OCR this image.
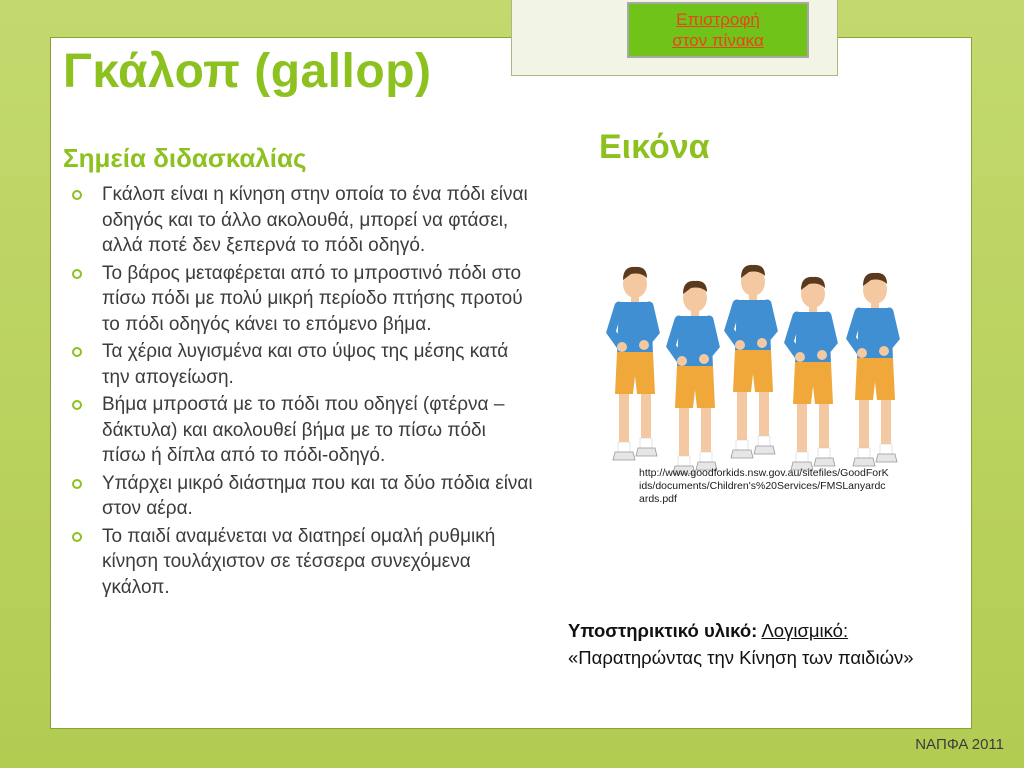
Επιστροφή
στον πίνακα
Γκάλοπ (gallop)
Σημεία διδασκαλίας	Εικόνα
Γκάλοπ είναι η κίνηση στην οποία το ένα πόδι είναι οδηγός και το άλλο ακολουθά, μπορεί να φτάσει, αλλά ποτέ δεν ξεπερνά το πόδι οδηγό.
Το βάρος μεταφέρεται από το μπροστινό πόδι στο πίσω πόδι με πολύ μικρή περίοδο πτήσης προτού το πόδι οδηγός κάνει το επόμενο βήμα.
Τα χέρια λυγισμένα και στο ύψος της μέσης κατά την απογείωση.
Βήμα μπροστά με το πόδι που οδηγεί (φτέρνα – δάκτυλα) και ακολουθεί βήμα με το πίσω πόδι πίσω ή δίπλα από το πόδι-οδηγό.
Υπάρχει μικρό διάστημα που και τα δύο πόδια είναι στον αέρα.
Το παιδί αναμένεται να διατηρεί ομαλή ρυθμική κίνηση τουλάχιστον σε τέσσερα συνεχόμενα γκάλοπ.
http://www.goodforkids.nsw.gov.au/sitefiles/GoodForKids/documents/Children's%20Services/FMSLanyardcards.pdf
Υποστηρικτικό υλικό: Λογισμικό:
«Παρατηρώντας την Κίνηση των παιδιών»
ΝΑΠΦΑ 2011
